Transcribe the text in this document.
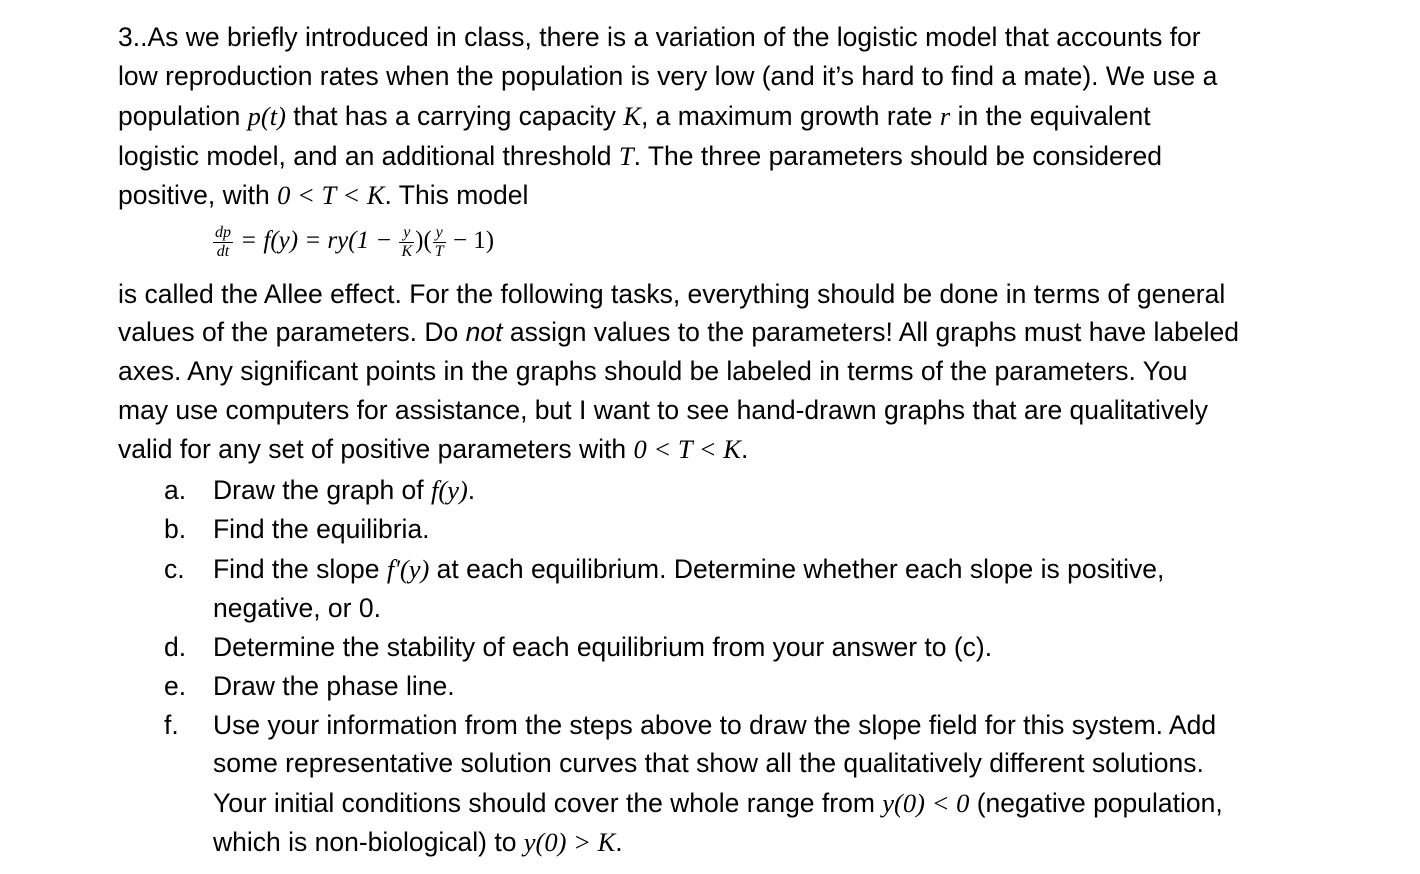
3..As we briefly introduced in class, there is a variation of the logistic model that accounts for
low reproduction rates when the population is very low (and it’s hard to find a mate). We use a
population p(t) that has a carrying capacity K, a maximum growth rate r in the equivalent
logistic model, and an additional threshold T. The three parameters should be considered
positive, with 0 < T < K. This model
$\frac{dp}{dt} = f(y) = ry(1 - \frac{y}{K}$ )( $\frac{y}{T} - 1$)
is called the Allee effect. For the following tasks, everything should be done in terms of general
values of the parameters. Do not assign values to the parameters! All graphs must have labeled
axes. Any significant points in the graphs should be labeled in terms of the parameters. You
may use computers for assistance, but I want to see hand-drawn graphs that are qualitatively
valid for any set of positive parameters with 0 < T < K.
a. Draw the graph of f(y).
b. Find the equilibria.
c. Find the slope f'(y) at each equilibrium. Determine whether each slope is positive,
negative, or 0.
d. Determine the stability of each equilibrium from your answer to (c).
e. Draw the phase line.
f. Use your information from the steps above to draw the slope field for this system. Add
some representative solution curves that show all the qualitatively different solutions.
Your initial conditions should cover the whole range from y(0) < 0 (negative population,
which is non-biological) to y(0) > K.
